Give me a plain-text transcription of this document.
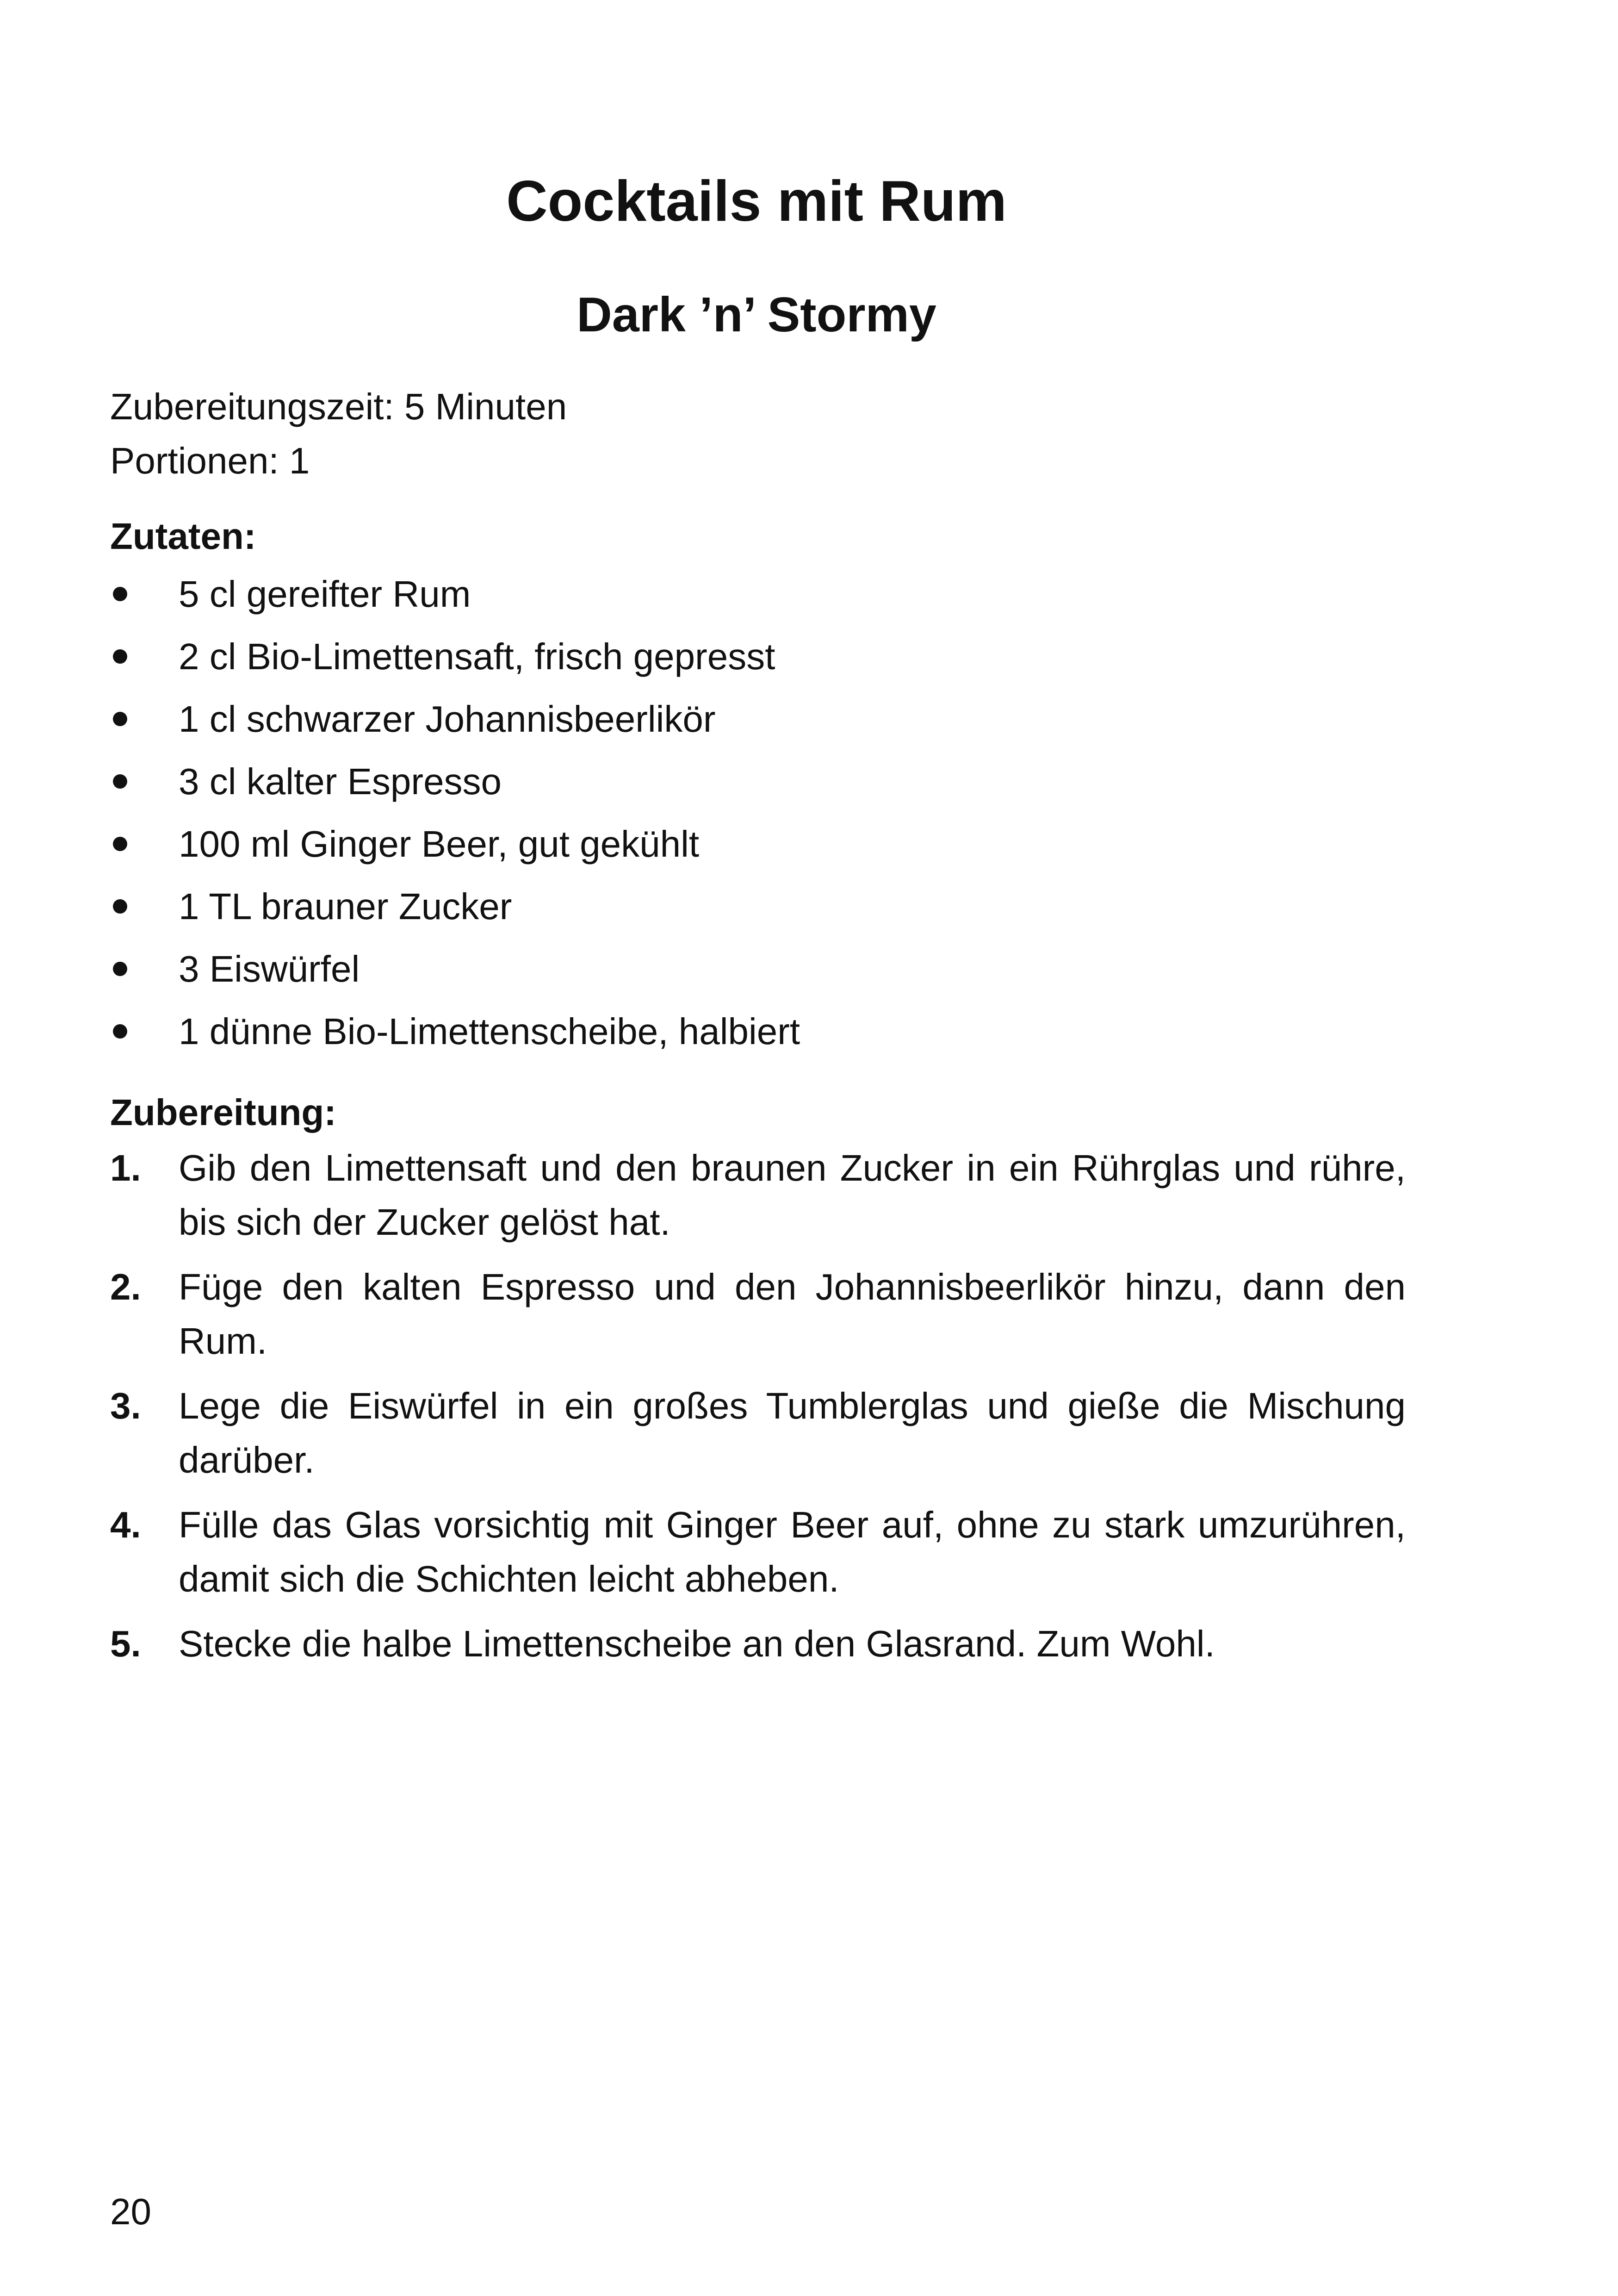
Cocktails mit Rum
Dark ’n’ Stormy
Zubereitungszeit: 5 Minuten
Portionen: 1
Zutaten:
5 cl gereifter Rum
2 cl Bio-Limettensaft, frisch gepresst
1 cl schwarzer Johannisbeerlikör
3 cl kalter Espresso
100 ml Ginger Beer, gut gekühlt
1 TL brauner Zucker
3 Eiswürfel
1 dünne Bio-Limettenscheibe, halbiert
Zubereitung:
1. Gib den Limettensaft und den braunen Zucker in ein Rührglas und rühre, bis sich der Zucker gelöst hat.
2. Füge den kalten Espresso und den Johannisbeerlikör hinzu, dann den Rum.
3. Lege die Eiswürfel in ein großes Tumblerglas und gieße die Mischung darüber.
4. Fülle das Glas vorsichtig mit Ginger Beer auf, ohne zu stark umzurühren, damit sich die Schichten leicht abheben.
5. Stecke die halbe Limettenscheibe an den Glasrand. Zum Wohl.
20
